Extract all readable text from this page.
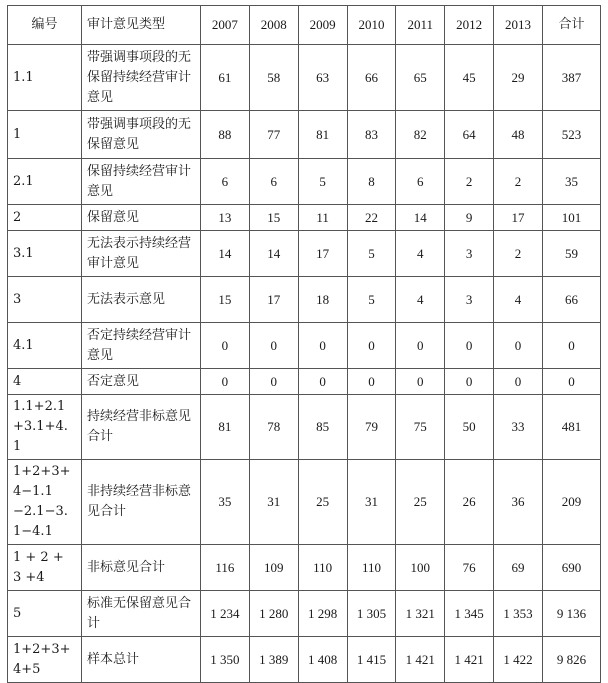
编号	审计意见类型	2007	2008	2009	2010	2011	2012	2013	合计
1.1	带强调事项段的无保留持续经营审计意见	61	58	63	66	65	45	29	387
1	带强调事项段的无保留意见	88	77	81	83	82	64	48	523
2.1	保留持续经营审计意见	6	6	5	8	6	2	2	35
2	保留意见	13	15	11	22	14	9	17	101
3.1	无法表示持续经营审计意见	14	14	17	5	4	3	2	59
3	无法表示意见	15	17	18	5	4	3	4	66
4.1	否定持续经营审计意见	0	0	0	0	0	0	0	0
4	否定意见	0	0	0	0	0	0	0	0
1.1+2.1+3.1+4.1	持续经营非标意见合计	81	78	85	79	75	50	33	481
1+2+3+4−1.1−2.1−3.1−4.1	非持续经营非标意见合计	35	31	25	31	25	26	36	209
1 + 2 + 3 +4	非标意见合计	116	109	110	110	100	76	69	690
5	标准无保留意见合计	1 234	1 280	1 298	1 305	1 321	1 345	1 353	9 136
1+2+3+4+5	样本总计	1 350	1 389	1 408	1 415	1 421	1 421	1 422	9 826
